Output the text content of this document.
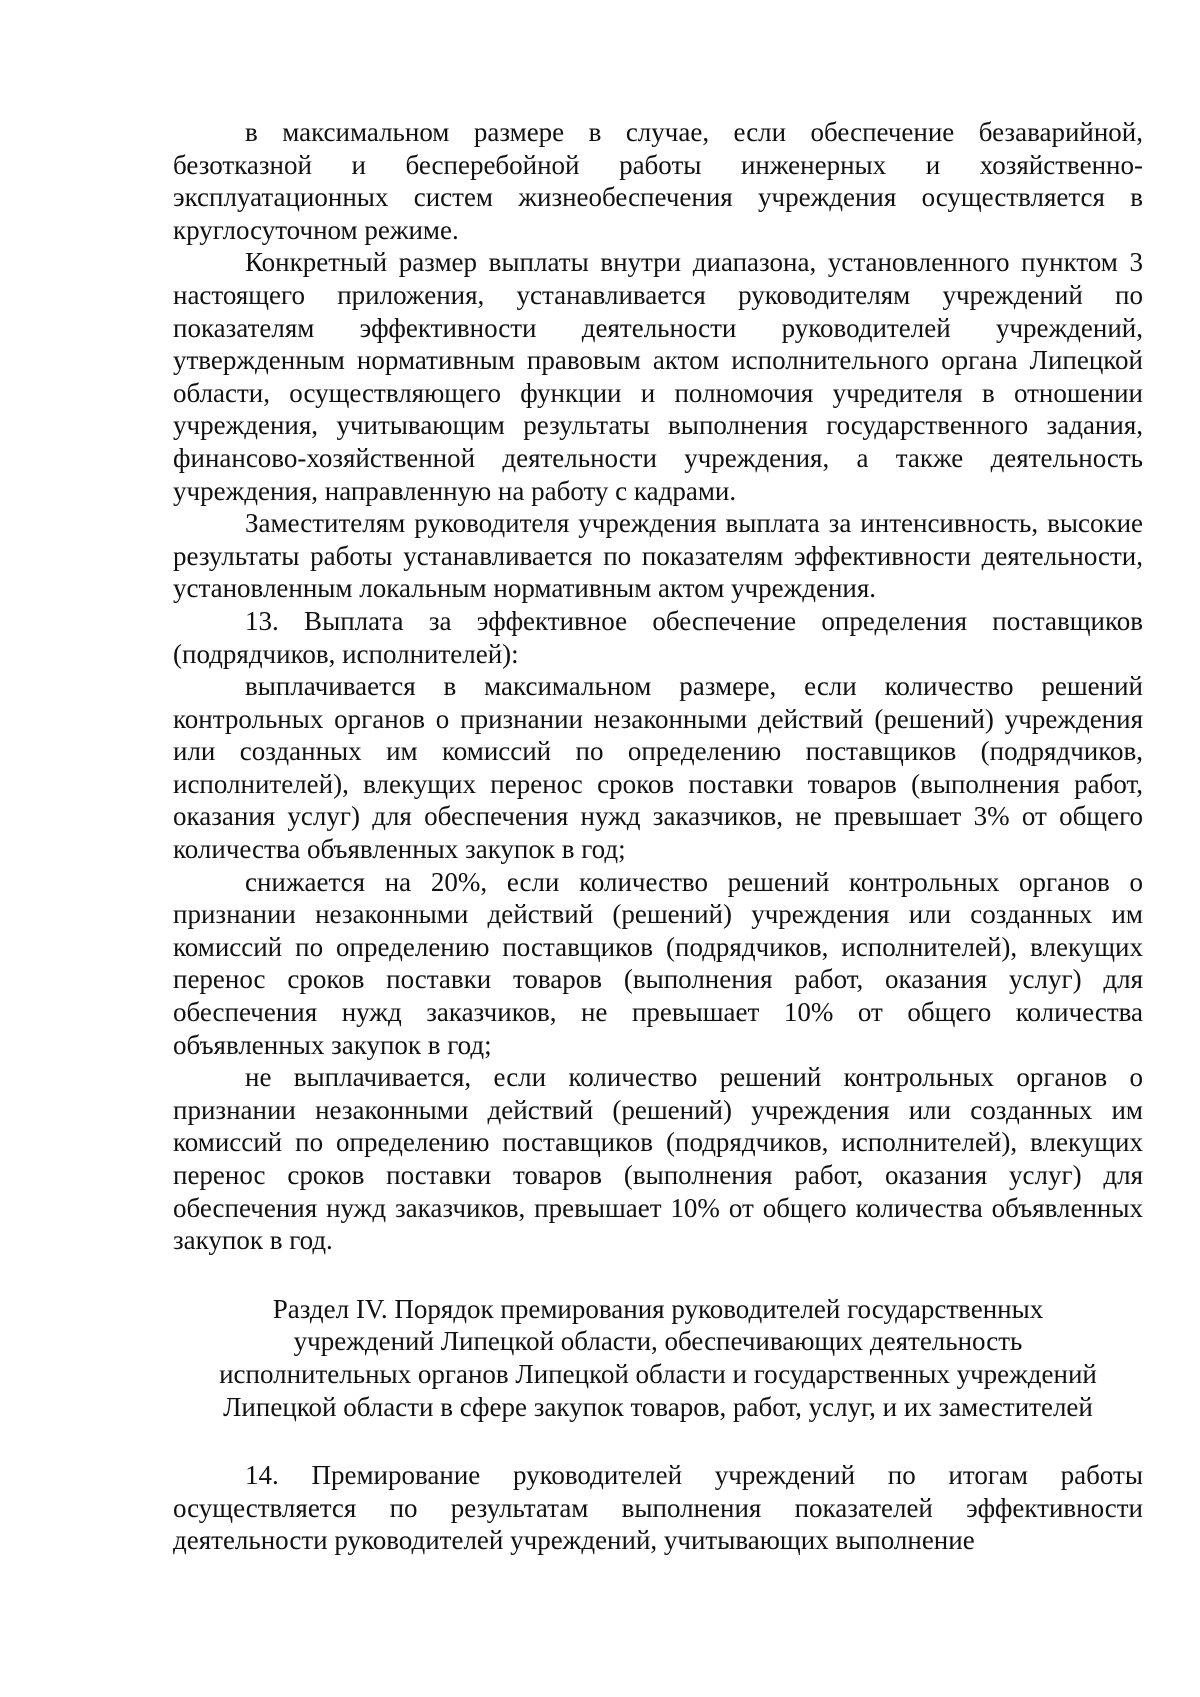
в максимальном размере в случае, если обеспечение безаварийной, безотказной и бесперебойной работы инженерных и хозяйственно-эксплуатационных систем жизнеобеспечения учреждения осуществляется в круглосуточном режиме.

Конкретный размер выплаты внутри диапазона, установленного пунктом 3 настоящего приложения, устанавливается руководителям учреждений по показателям эффективности деятельности руководителей учреждений, утвержденным нормативным правовым актом исполнительного органа Липецкой области, осуществляющего функции и полномочия учредителя в отношении учреждения, учитывающим результаты выполнения государственного задания, финансово-хозяйственной деятельности учреждения, а также деятельность учреждения, направленную на работу с кадрами.

Заместителям руководителя учреждения выплата за интенсивность, высокие результаты работы устанавливается по показателям эффективности деятельности, установленным локальным нормативным актом учреждения.

13. Выплата за эффективное обеспечение определения поставщиков (подрядчиков, исполнителей):

выплачивается в максимальном размере, если количество решений контрольных органов о признании незаконными действий (решений) учреждения или созданных им комиссий по определению поставщиков (подрядчиков, исполнителей), влекущих перенос сроков поставки товаров (выполнения работ, оказания услуг) для обеспечения нужд заказчиков, не превышает 3% от общего количества объявленных закупок в год;

снижается на 20%, если количество решений контрольных органов о признании незаконными действий (решений) учреждения или созданных им комиссий по определению поставщиков (подрядчиков, исполнителей), влекущих перенос сроков поставки товаров (выполнения работ, оказания услуг) для обеспечения нужд заказчиков, не превышает 10% от общего количества объявленных закупок в год;

не выплачивается, если количество решений контрольных органов о признании незаконными действий (решений) учреждения или созданных им комиссий по определению поставщиков (подрядчиков, исполнителей), влекущих перенос сроков поставки товаров (выполнения работ, оказания услуг) для обеспечения нужд заказчиков, превышает 10% от общего количества объявленных закупок в год.

Раздел IV. Порядок премирования руководителей государственных
учреждений Липецкой области, обеспечивающих деятельность
исполнительных органов Липецкой области и государственных учреждений
Липецкой области в сфере закупок товаров, работ, услуг, и их заместителей

14. Премирование руководителей учреждений по итогам работы осуществляется по результатам выполнения показателей эффективности деятельности руководителей учреждений, учитывающих выполнение
